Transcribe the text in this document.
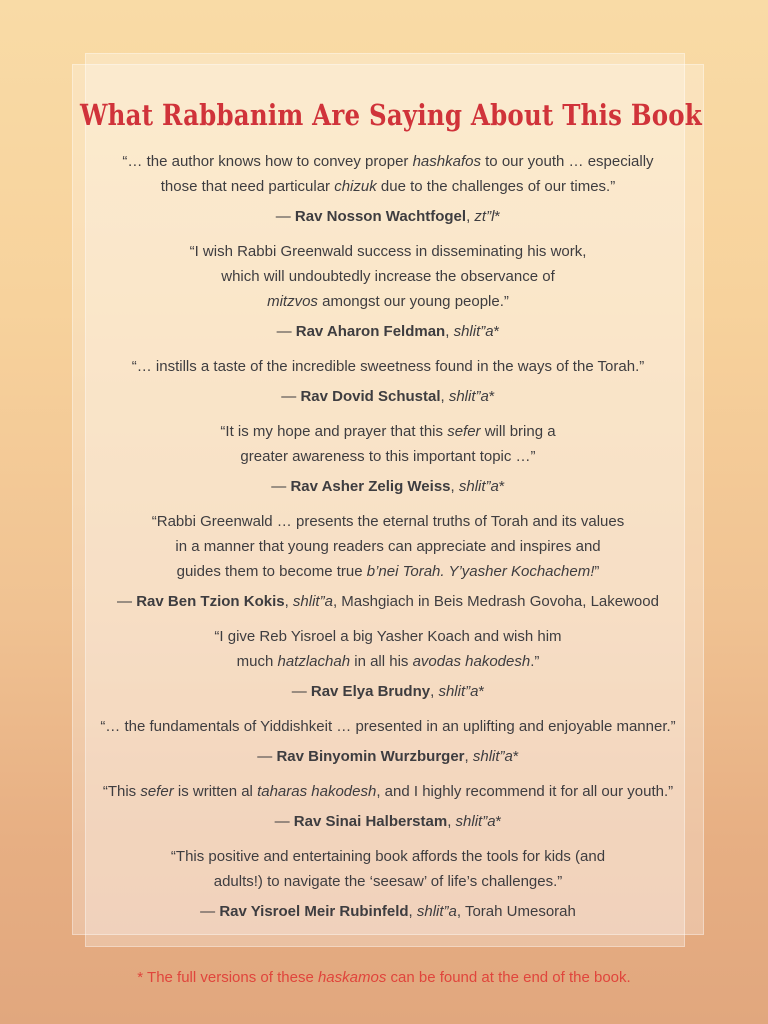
What Rabbanim Are Saying About This Book

“… the author knows how to convey proper hashkafos to our youth … especially

those that need particular chizuk due to the challenges of our times.”

— Rav Nosson Wachtfogel, zt”l*

“I wish Rabbi Greenwald success in disseminating his work,

which will undoubtedly increase the observance of

mitzvos amongst our young people.”

— Rav Aharon Feldman, shlit”a*

“… instills a taste of the incredible sweetness found in the ways of the Torah.”

— Rav Dovid Schustal, shlit”a*

“It is my hope and prayer that this sefer will bring a

greater awareness to this important topic …”

— Rav Asher Zelig Weiss, shlit”a*

“Rabbi Greenwald … presents the eternal truths of Torah and its values

in a manner that young readers can appreciate and inspires and

guides them to become true b’nei Torah. Y’yasher Kochachem!”

— Rav Ben Tzion Kokis, shlit”a, Mashgiach in Beis Medrash Govoha, Lakewood

“I give Reb Yisroel a big Yasher Koach and wish him

much hatzlachah in all his avodas hakodesh.”

— Rav Elya Brudny, shlit”a*

“… the fundamentals of Yiddishkeit … presented in an uplifting and enjoyable manner.”

— Rav Binyomin Wurzburger, shlit”a*

“This sefer is written al taharas hakodesh, and I highly recommend it for all our youth.”

— Rav Sinai Halberstam, shlit”a*

“This positive and entertaining book affords the tools for kids (and

adults!) to navigate the ‘seesaw’ of life’s challenges.”

— Rav Yisroel Meir Rubinfeld, shlit”a, Torah Umesorah

* The full versions of these haskamos can be found at the end of the book.
